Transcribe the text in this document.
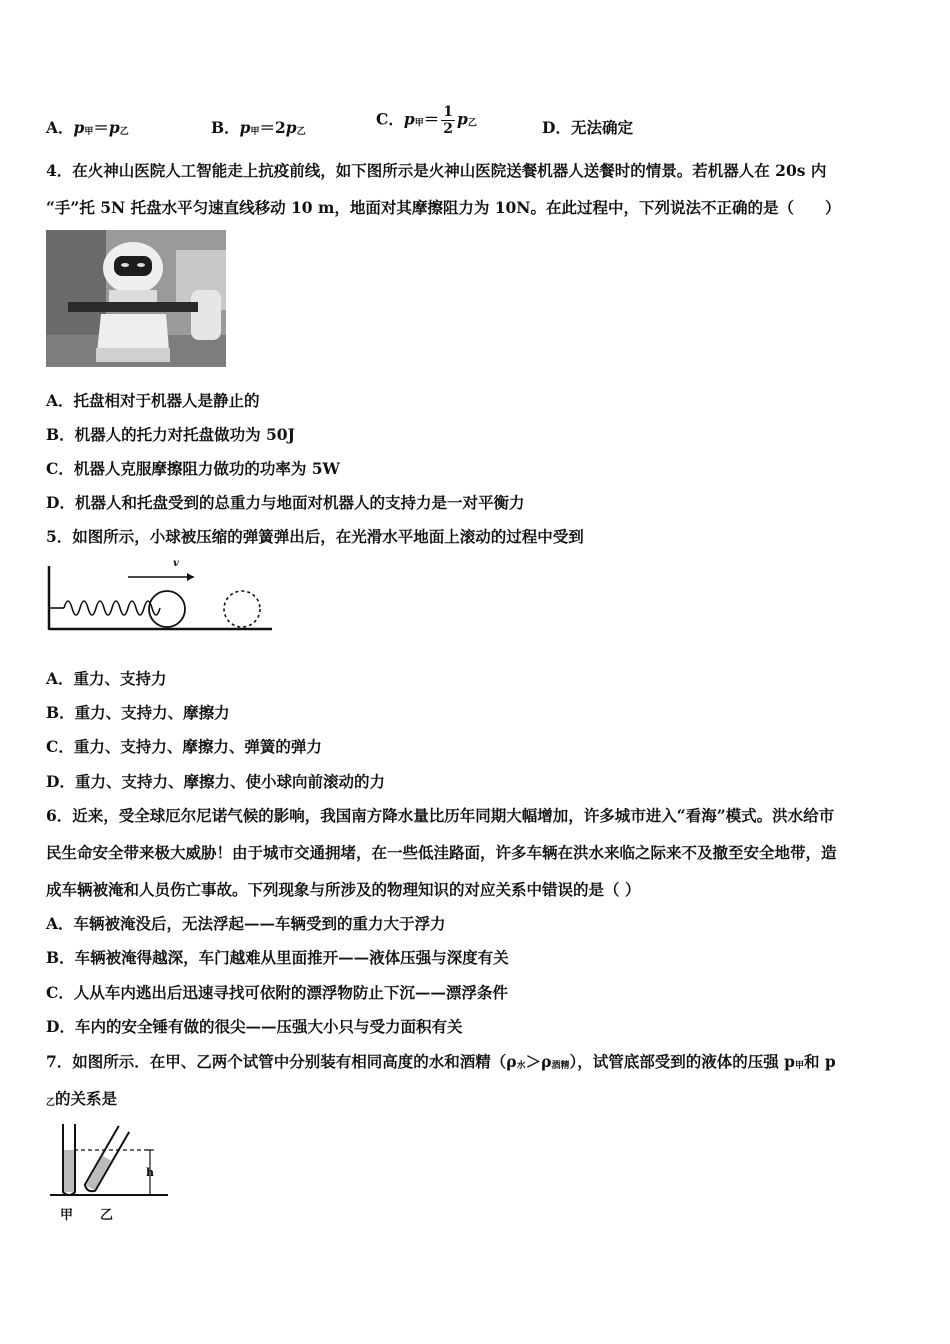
A．p甲＝p乙	B．p甲＝2p乙
C．p甲＝ $\frac{1}{2}$ p乙	D．无法确定
4．在火神山医院人工智能走上抗疫前线，如下图所示是火神山医院送餐机器人送餐时的情景。若机器人在 20s 内
“手”托 5N 托盘水平匀速直线移动 10 m，地面对其摩擦阻力为 10N。在此过程中，下列说法不正确的是（　　）
A．托盘相对于机器人是静止的
B．机器人的托力对托盘做功为 50J
C．机器人克服摩擦阻力做功的功率为 5W
D．机器人和托盘受到的总重力与地面对机器人的支持力是一对平衡力
5．如图所示，小球被压缩的弹簧弹出后，在光滑水平地面上滚动的过程中受到
v
A．重力、支持力
B．重力、支持力、摩擦力
C．重力、支持力、摩擦力、弹簧的弹力
D．重力、支持力、摩擦力、使小球向前滚动的力
6．近来，受全球厄尔尼诺气候的影响，我国南方降水量比历年同期大幅增加，许多城市进入“看海”模式。洪水给市
民生命安全带来极大威胁！由于城市交通拥堵，在一些低洼路面，许多车辆在洪水来临之际来不及撤至安全地带，造
成车辆被淹和人员伤亡事故。下列现象与所涉及的物理知识的对应关系中错误的是（ ）
A．车辆被淹没后，无法浮起——车辆受到的重力大于浮力
B．车辆被淹得越深，车门越难从里面推开——液体压强与深度有关
C．人从车内逃出后迅速寻找可依附的漂浮物防止下沉——漂浮条件
D．车内的安全锤有做的很尖——压强大小只与受力面积有关
7．如图所示．在甲、乙两个试管中分别装有相同高度的水和酒精（ρ水＞ρ酒精），试管底部受到的液体的压强 p甲和 p
乙的关系是
h
甲 乙
